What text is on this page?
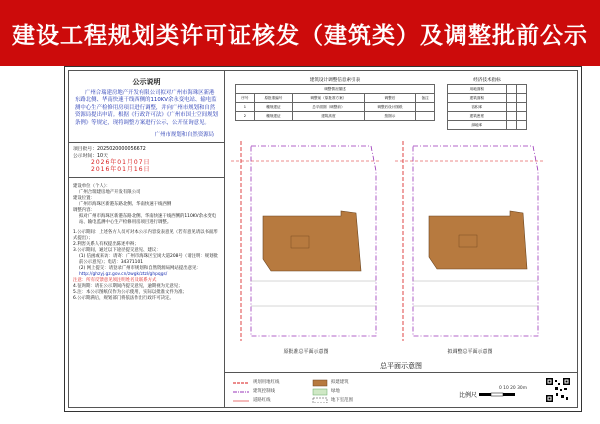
建设工程规划类许可证核发（建筑类）及调整批前公示
公示说明
广州合瑞建房地产开发有限公司拟对广州市海珠区新港东路北侧、华南快速干线西侧的110KV余永变电站、输电监测中心生产检修用房项目进行调整，并向广州市规划和自然资源局提出申请。根据《行政许可法》《广州市国土空间规划条例》等规定，现将调整方案进行公示，公开征询意见。
广州市规划和自然资源局
项目批号：2025020000056672
公示时间：10天
2026年01月07日
2016年01月16日
建设单位（个人）：
广州合瑞建房地产开发有限公司
建设位置：
广州市海珠区新港东路北侧、华南快速干线西侧
调整内容：
拟对广州市海珠区新港东路北侧、华南快速干线西侧的110KV余永变电站、输电监测中心生产检修用房项目进行调整。
1.公示期间：上述各方人员可对本公示内容发表意见（若有意见请以书面形式提出）；
2.利害关系人有权提出陈述申辩；
3.公示期间，通过以下途径提交意见、建议：
(1) 信函或来访：请寄：广州市海珠区宝岗大道208号（请注明：规划批前公示意见）；电话：34371101
(2) 网上提交：请登录广州市规划和自然资源局网站提出意见：
http://ghzyj.gz.gov.cn/zwgk/ztzl/ghpqgs/
注意：所有反馈意见须注明姓名及联系方式
4.征询期：请在公示期间内提交意见，逾期视为无意见；
5.注：本公示图纸仅作为公示使用，实际以批准文件为准；
6.公示期满后，规划部门将依法作出行政许可决定。
建筑设计调整信息索引表
调整情况描述				
序号	原批准编号	调整前（原批准方案）	调整后	备注
1	穗规建证	总平面图（调整前）	调整后设计图纸	
2	穗规建证	建筑高度	按图示	
经济技术指标
用地面积		
建筑面积		
容积率		
建筑密度		
绿地率		
原批准总平面示意图	拟调整总平面示意图
总平面示意图
规划用地红线
建筑控制线
道路红线
拟建建筑
绿地
地下室范围
比例尺
0 10 20 30m
